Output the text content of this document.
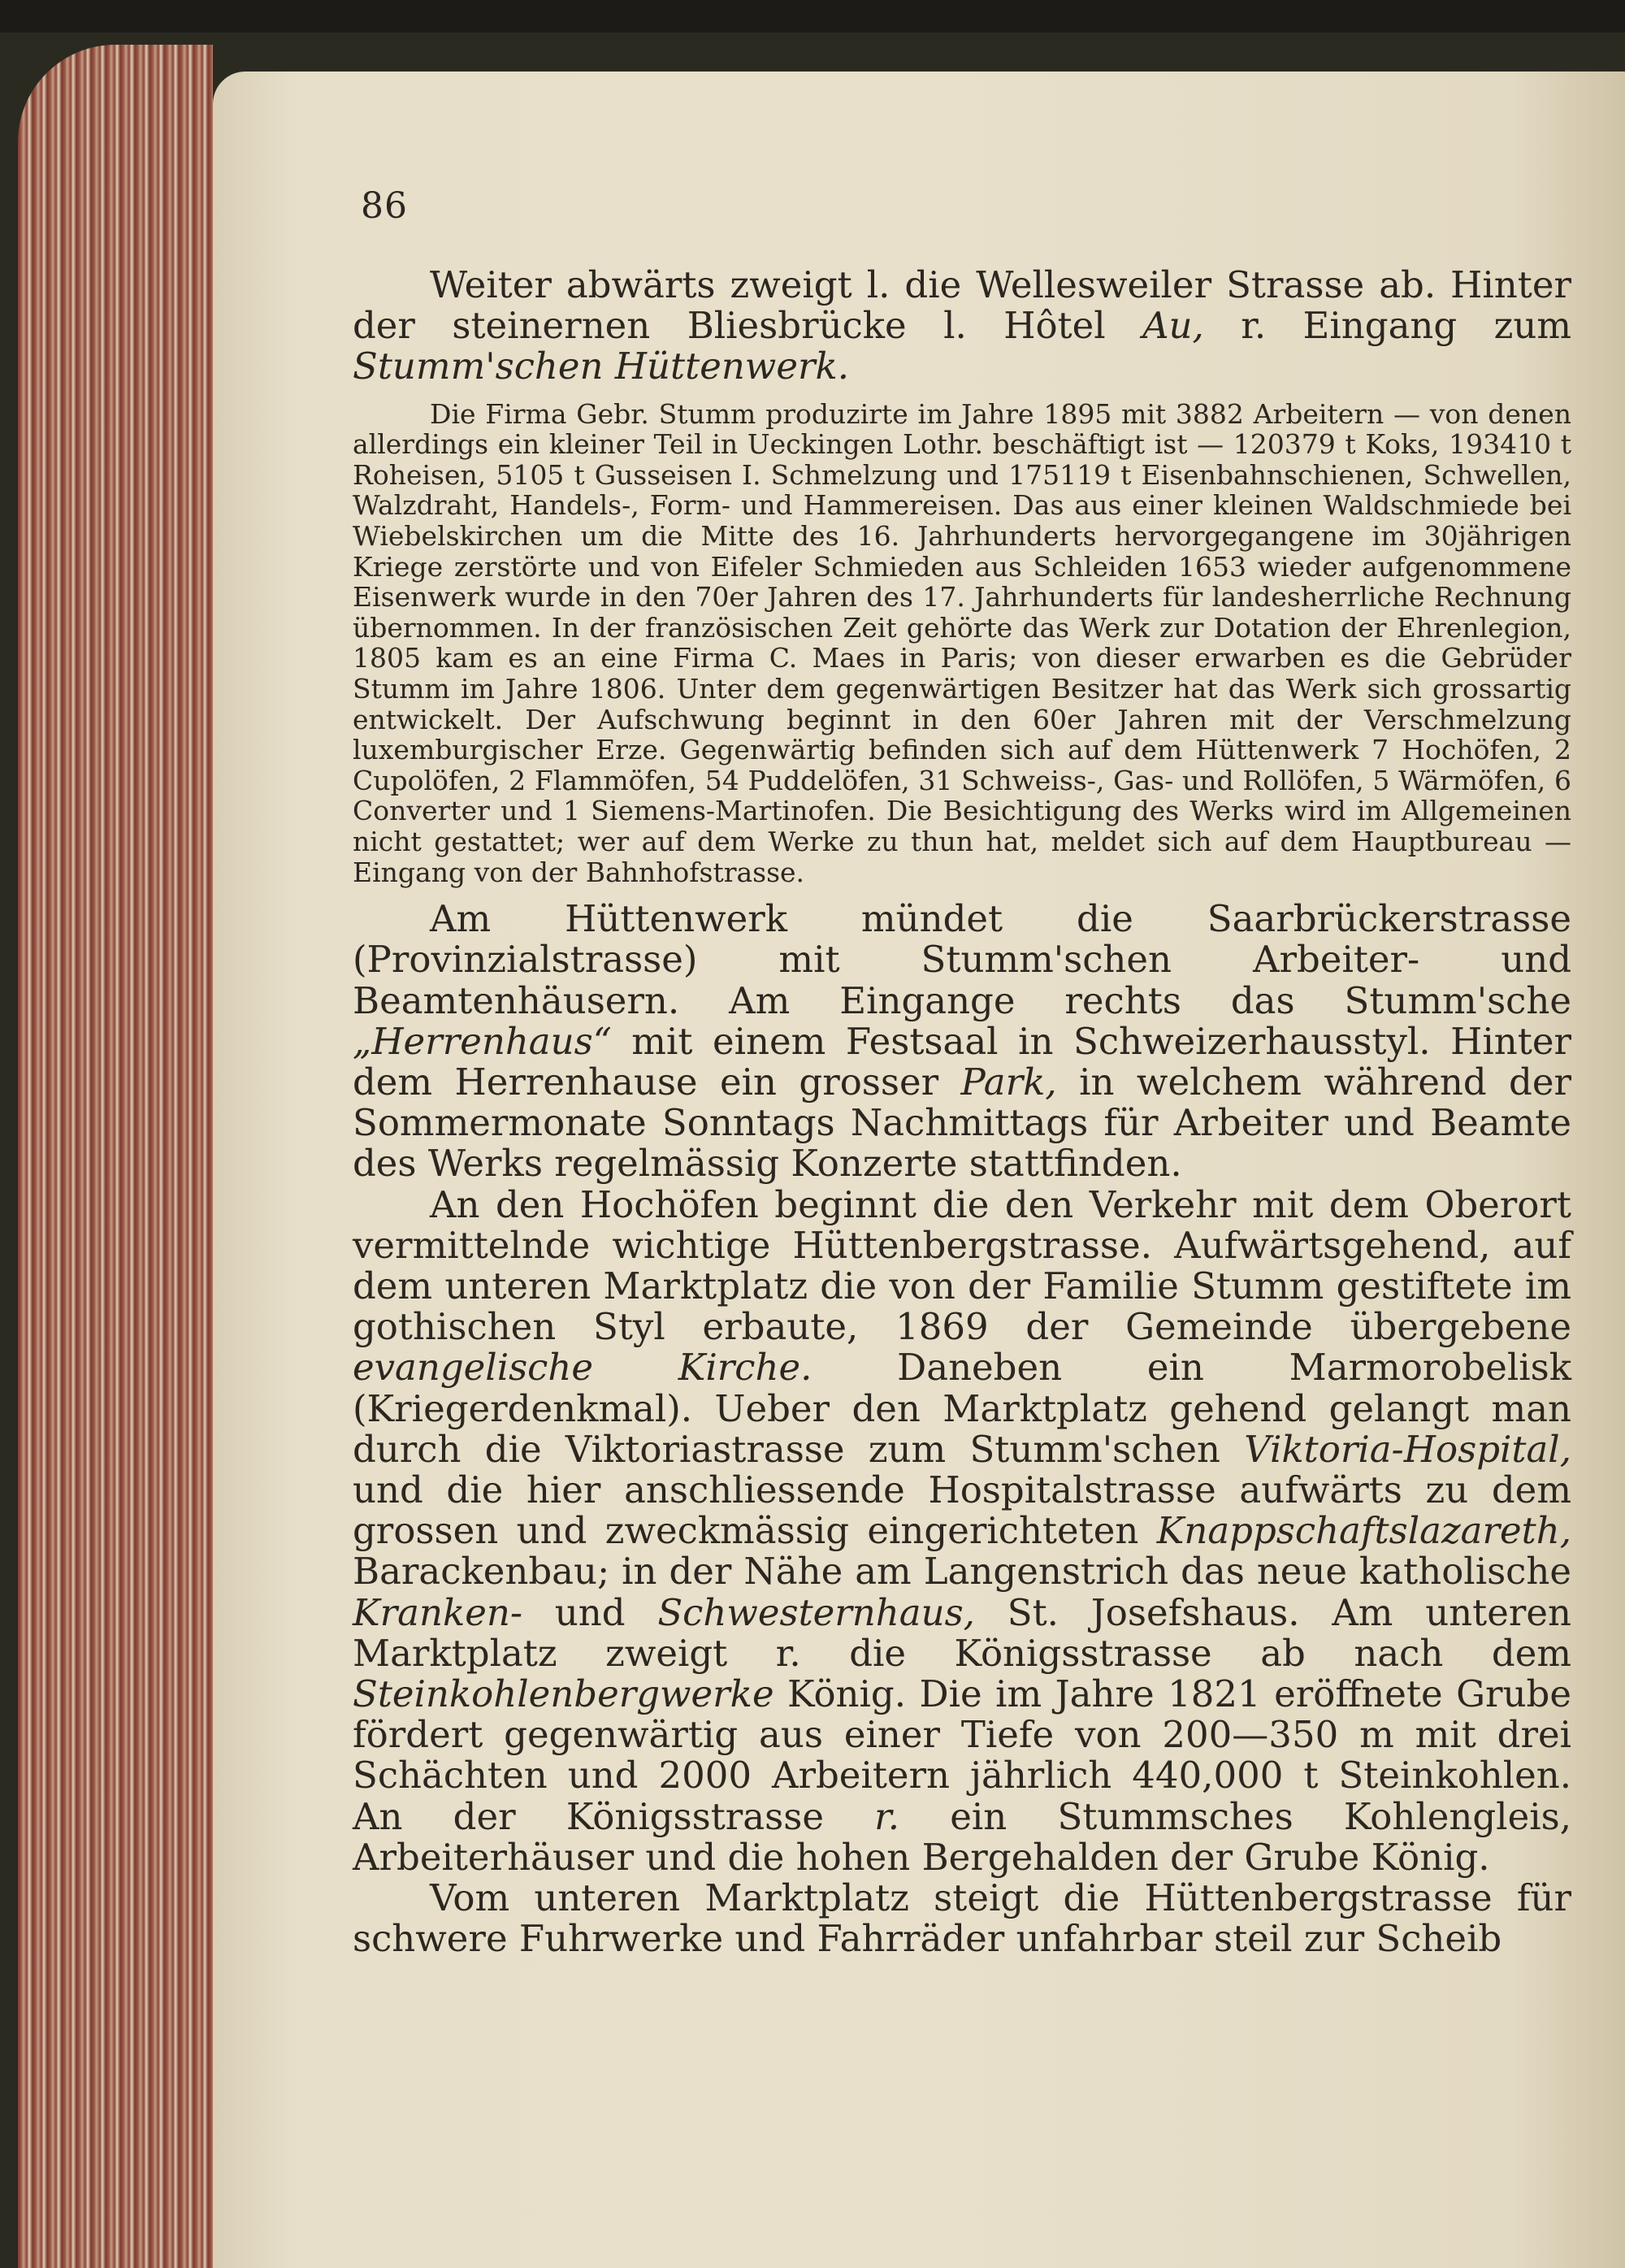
86

Weiter abwärts zweigt l. die Wellesweiler Strasse ab. Hinter der steinernen Bliesbrücke l. Hôtel Au, r. Eingang zum Stumm'schen Hüttenwerk.

Die Firma Gebr. Stumm produzirte im Jahre 1895 mit 3882 Arbeitern — von denen allerdings ein kleiner Teil in Ueckingen Lothr. beschäftigt ist — 120379 t Koks, 193410 t Roheisen, 5105 t Gusseisen I. Schmelzung und 175119 t Eisenbahnschienen, Schwellen, Walzdraht, Handels-, Form- und Hammereisen. Das aus einer kleinen Waldschmiede bei Wiebelskirchen um die Mitte des 16. Jahrhunderts hervorgegangene im 30jährigen Kriege zerstörte und von Eifeler Schmieden aus Schleiden 1653 wieder aufgenommene Eisenwerk wurde in den 70er Jahren des 17. Jahrhunderts für landesherrliche Rechnung übernommen. In der französischen Zeit gehörte das Werk zur Dotation der Ehrenlegion, 1805 kam es an eine Firma C. Maes in Paris; von dieser erwarben es die Gebrüder Stumm im Jahre 1806. Unter dem gegenwärtigen Besitzer hat das Werk sich grossartig entwickelt. Der Aufschwung beginnt in den 60er Jahren mit der Verschmelzung luxemburgischer Erze. Gegenwärtig befinden sich auf dem Hüttenwerk 7 Hochöfen, 2 Cupolöfen, 2 Flammöfen, 54 Puddelöfen, 31 Schweiss-, Gas- und Rollöfen, 5 Wärmöfen, 6 Converter und 1 Siemens-Martinofen. Die Besichtigung des Werks wird im Allgemeinen nicht gestattet; wer auf dem Werke zu thun hat, meldet sich auf dem Hauptbureau — Eingang von der Bahnhofstrasse.

Am Hüttenwerk mündet die Saarbrückerstrasse (Provinzialstrasse) mit Stumm'schen Arbeiter- und Beamtenhäusern. Am Eingange rechts das Stumm'sche „Herrenhaus“ mit einem Festsaal in Schweizerhausstyl. Hinter dem Herrenhause ein grosser Park, in welchem während der Sommermonate Sonntags Nachmittags für Arbeiter und Beamte des Werks regelmässig Konzerte stattfinden.

An den Hochöfen beginnt die den Verkehr mit dem Oberort vermittelnde wichtige Hüttenbergstrasse. Aufwärtsgehend, auf dem unteren Marktplatz die von der Familie Stumm gestiftete im gothischen Styl erbaute, 1869 der Gemeinde übergebene evangelische Kirche. Daneben ein Marmorobelisk (Kriegerdenkmal). Ueber den Marktplatz gehend gelangt man durch die Viktoriastrasse zum Stumm'schen Viktoria-Hospital, und die hier anschliessende Hospitalstrasse aufwärts zu dem grossen und zweckmässig eingerichteten Knappschaftslazareth, Barackenbau; in der Nähe am Langenstrich das neue katholische Kranken- und Schwesternhaus, St. Josefshaus. Am unteren Marktplatz zweigt r. die Königsstrasse ab nach dem Steinkohlenbergwerke König. Die im Jahre 1821 eröffnete Grube fördert gegenwärtig aus einer Tiefe von 200—350 m mit drei Schächten und 2000 Arbeitern jährlich 440,000 t Steinkohlen. An der Königsstrasse r. ein Stummsches Kohlengleis, Arbeiterhäuser und die hohen Bergehalden der Grube König.

Vom unteren Marktplatz steigt die Hüttenbergstrasse für schwere Fuhrwerke und Fahrräder unfahrbar steil zur Scheib
